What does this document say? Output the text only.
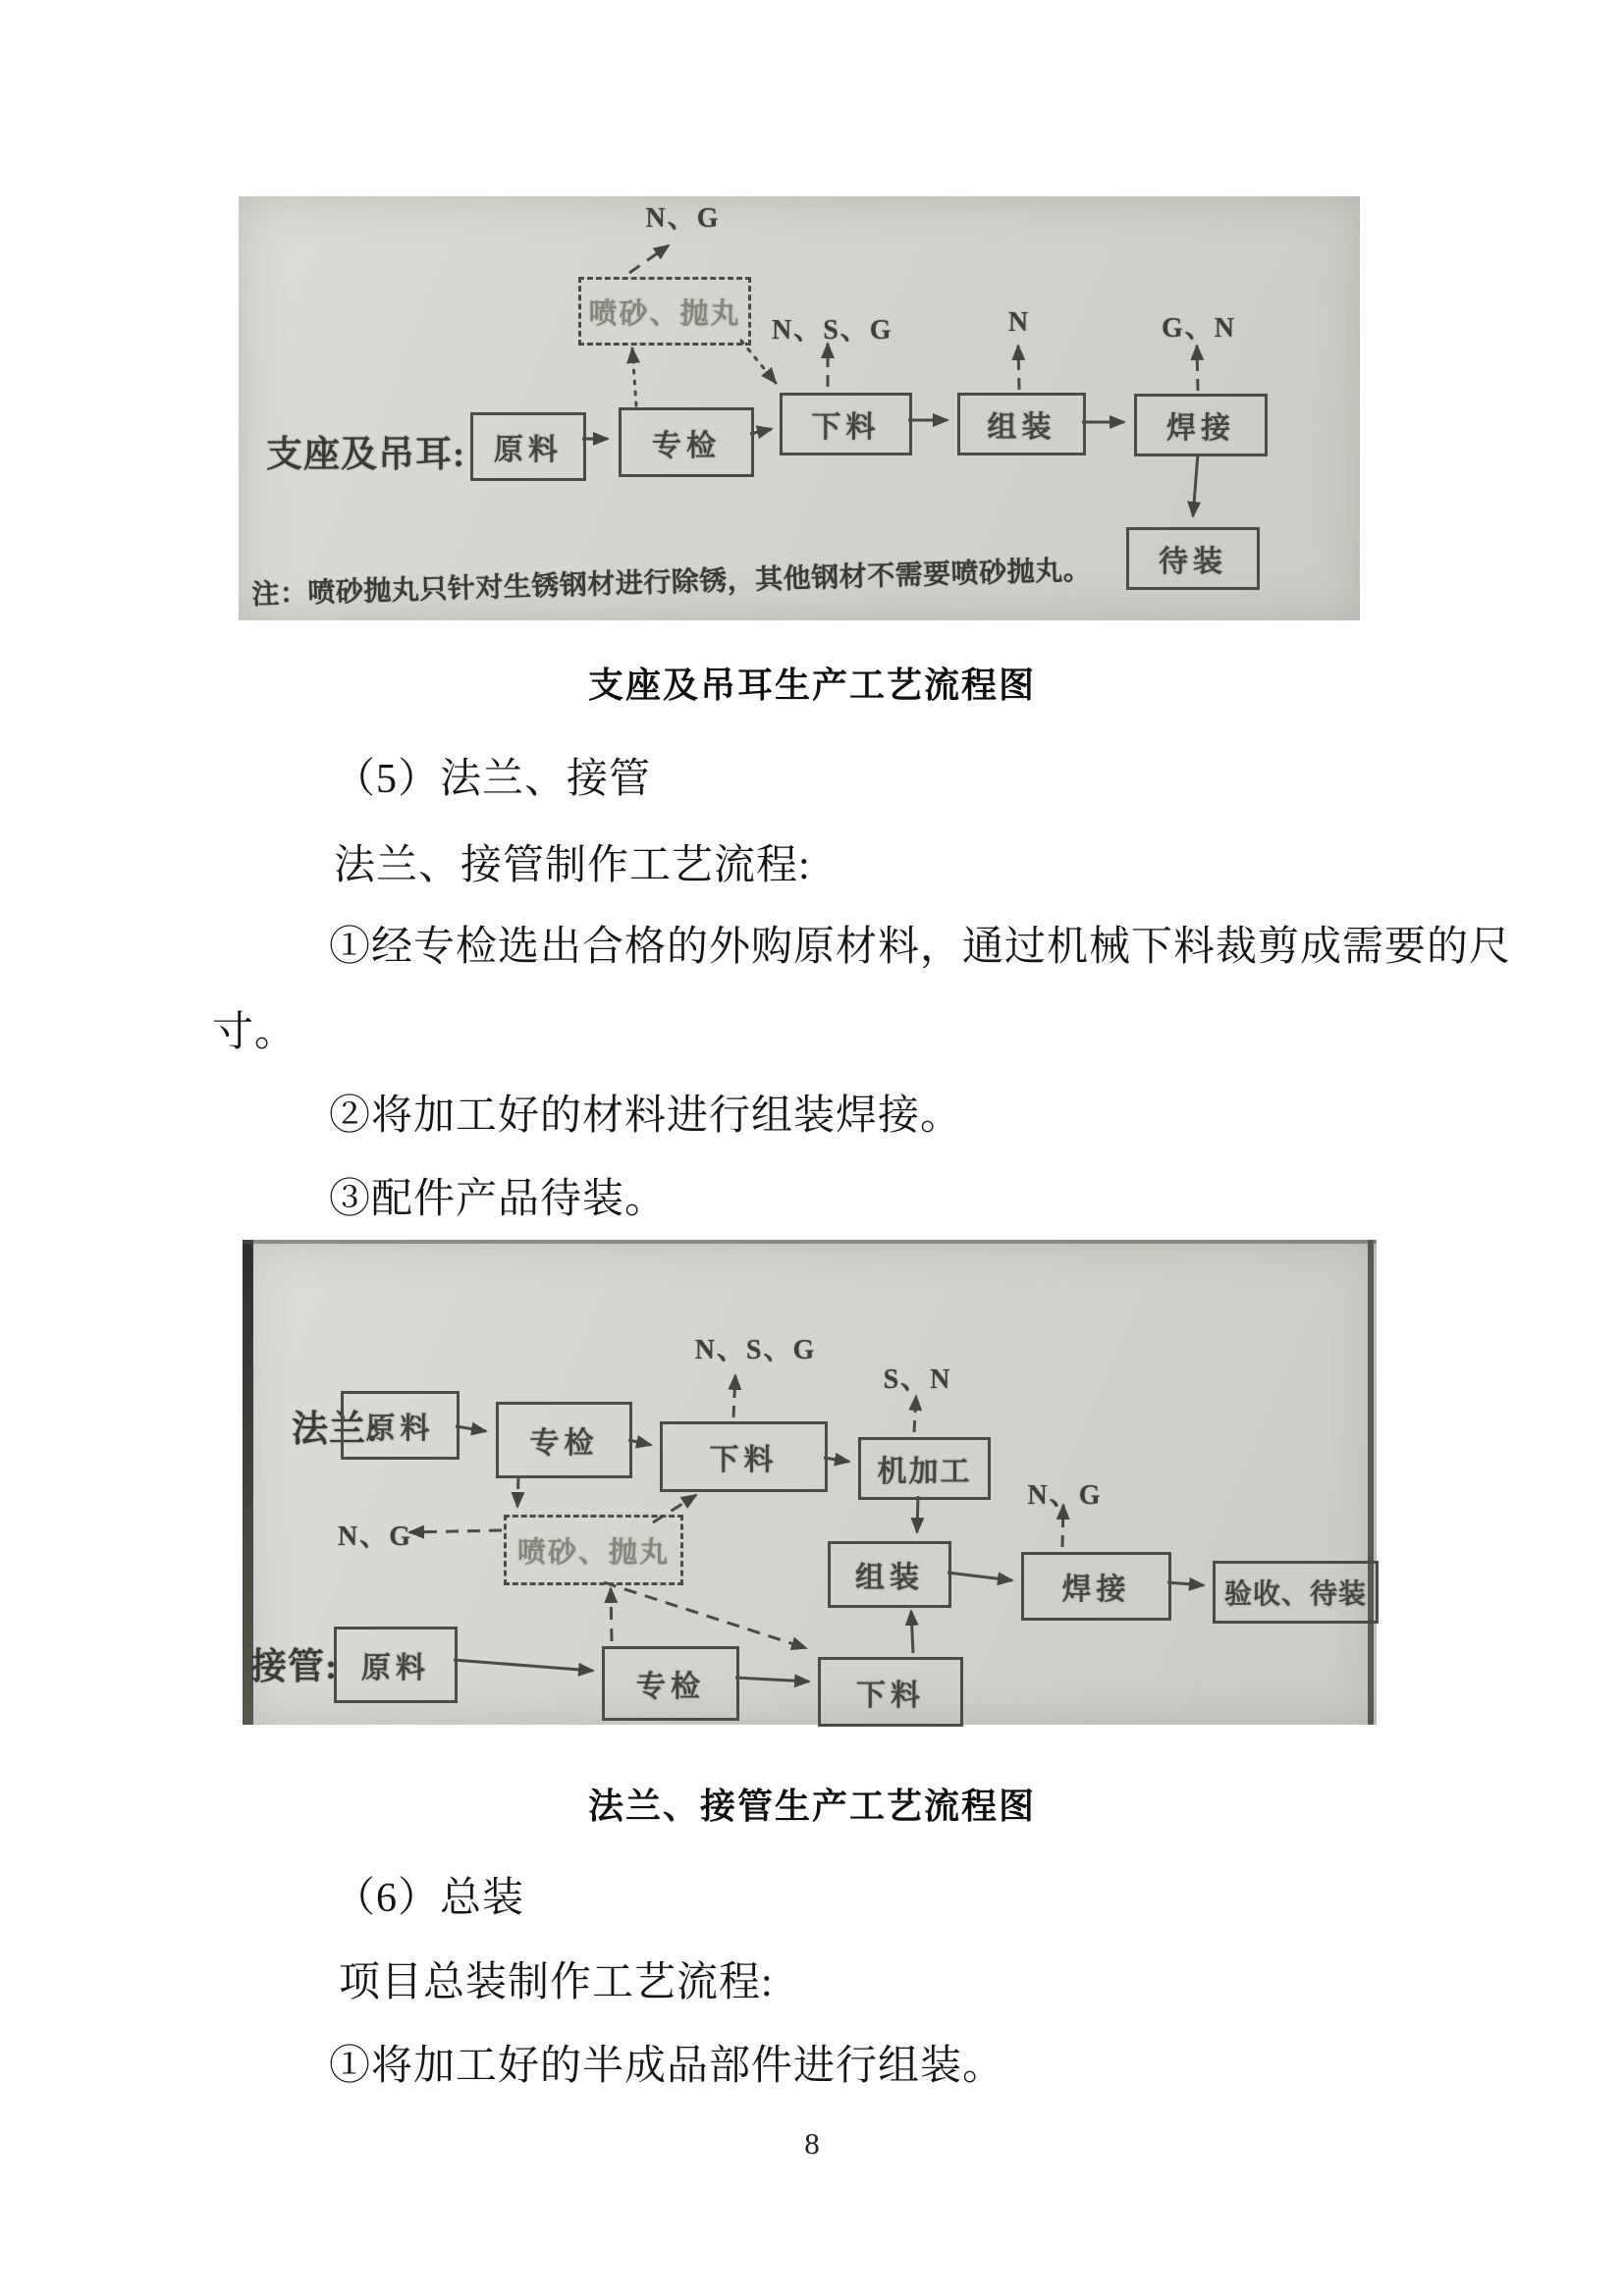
支座及吊耳: 原料	专检
下料	组装	焊接
待装
喷砂、抛丸
N、G
N、S、G	N	G、N
注：喷砂抛丸只针对生锈钢材进行除锈，其他钢材不需要喷砂抛丸。
支座及吊耳生产工艺流程图
（5）法兰、接管
法兰、接管制作工艺流程:
①经专检选出合格的外购原材料，通过机械下料裁剪成需要的尺
寸。
②将加工好的材料进行组装焊接。
③配件产品待装。
法兰:
接管:
原料	专检
下料	机加工
组装	焊接	验收、待装
喷砂、抛丸
原料
专检	下料
N、S、G
S、N
N、G
N、G
法兰、接管生产工艺流程图
（6）总装
项目总装制作工艺流程:
①将加工好的半成品部件进行组装。
8
